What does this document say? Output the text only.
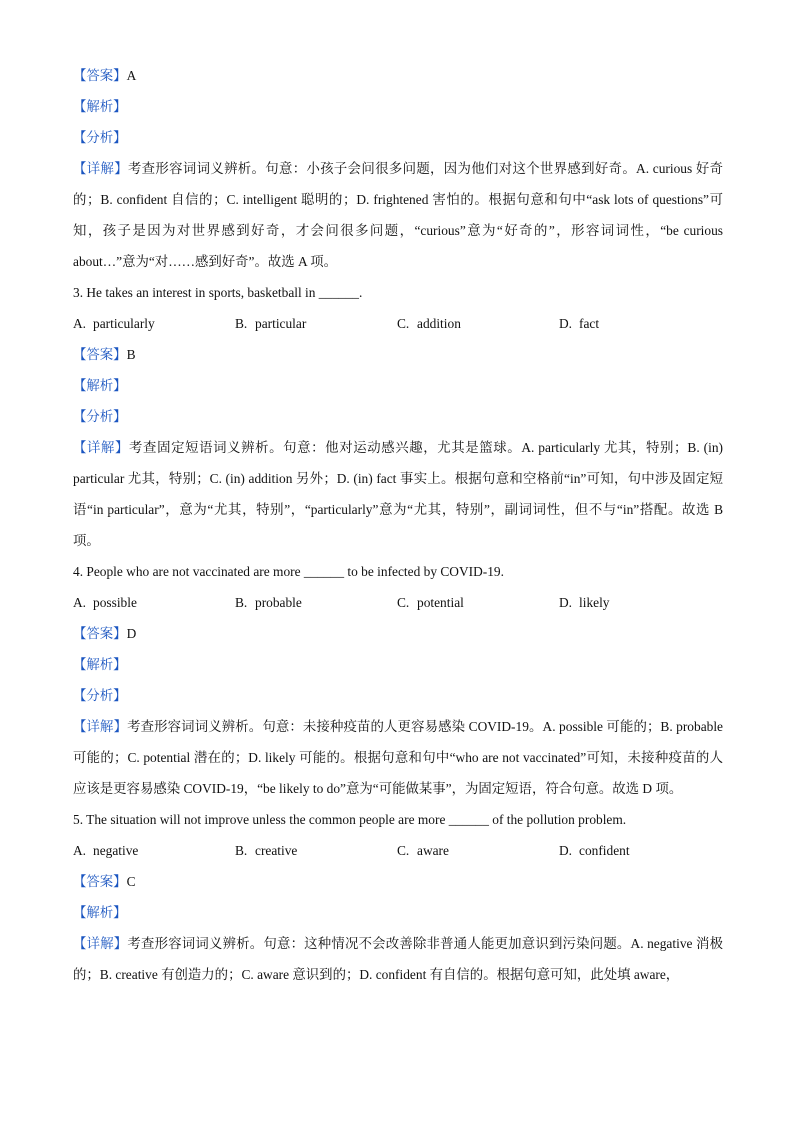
【答案】A
【解析】
【分析】
【详解】考查形容词词义辨析。句意：小孩子会问很多问题，因为他们对这个世界感到好奇。A. curious 好奇的；B. confident 自信的；C. intelligent 聪明的；D. frightened 害怕的。根据句意和句中“ask lots of questions”可知，孩子是因为对世界感到好奇，才会问很多问题，“curious”意为“好奇的”，形容词词性，“be curious about…”意为“对……感到好奇”。故选 A 项。
3. He takes an interest in sports, basketball in ______.
A. particularly	B. particular	C. addition	D. fact
【答案】B
【解析】
【分析】
【详解】考查固定短语词义辨析。句意：他对运动感兴趣，尤其是篮球。A. particularly 尤其，特别；B. (in) particular 尤其，特别；C. (in) addition 另外；D. (in) fact 事实上。根据句意和空格前“in”可知，句中涉及固定短语“in particular”，意为“尤其，特别”，“particularly”意为“尤其，特别”，副词词性，但不与“in”搭配。故选 B 项。
4. People who are not vaccinated are more ______ to be infected by COVID-19.
A. possible	B. probable	C. potential	D. likely
【答案】D
【解析】
【分析】
【详解】考查形容词词义辨析。句意：未接种疫苗的人更容易感染 COVID-19。A. possible 可能的；B. probable 可能的；C. potential 潜在的；D. likely 可能的。根据句意和句中“who are not vaccinated”可知，未接种疫苗的人应该是更容易感染 COVID-19，“be likely to do”意为“可能做某事”，为固定短语，符合句意。故选 D 项。
5. The situation will not improve unless the common people are more ______ of the pollution problem.
A. negative	B. creative	C. aware	D. confident
【答案】C
【解析】
【详解】考查形容词词义辨析。句意：这种情况不会改善除非普通人能更加意识到污染问题。A. negative 消极的；B. creative 有创造力的；C. aware 意识到的；D. confident 有自信的。根据句意可知，此处填 aware，
